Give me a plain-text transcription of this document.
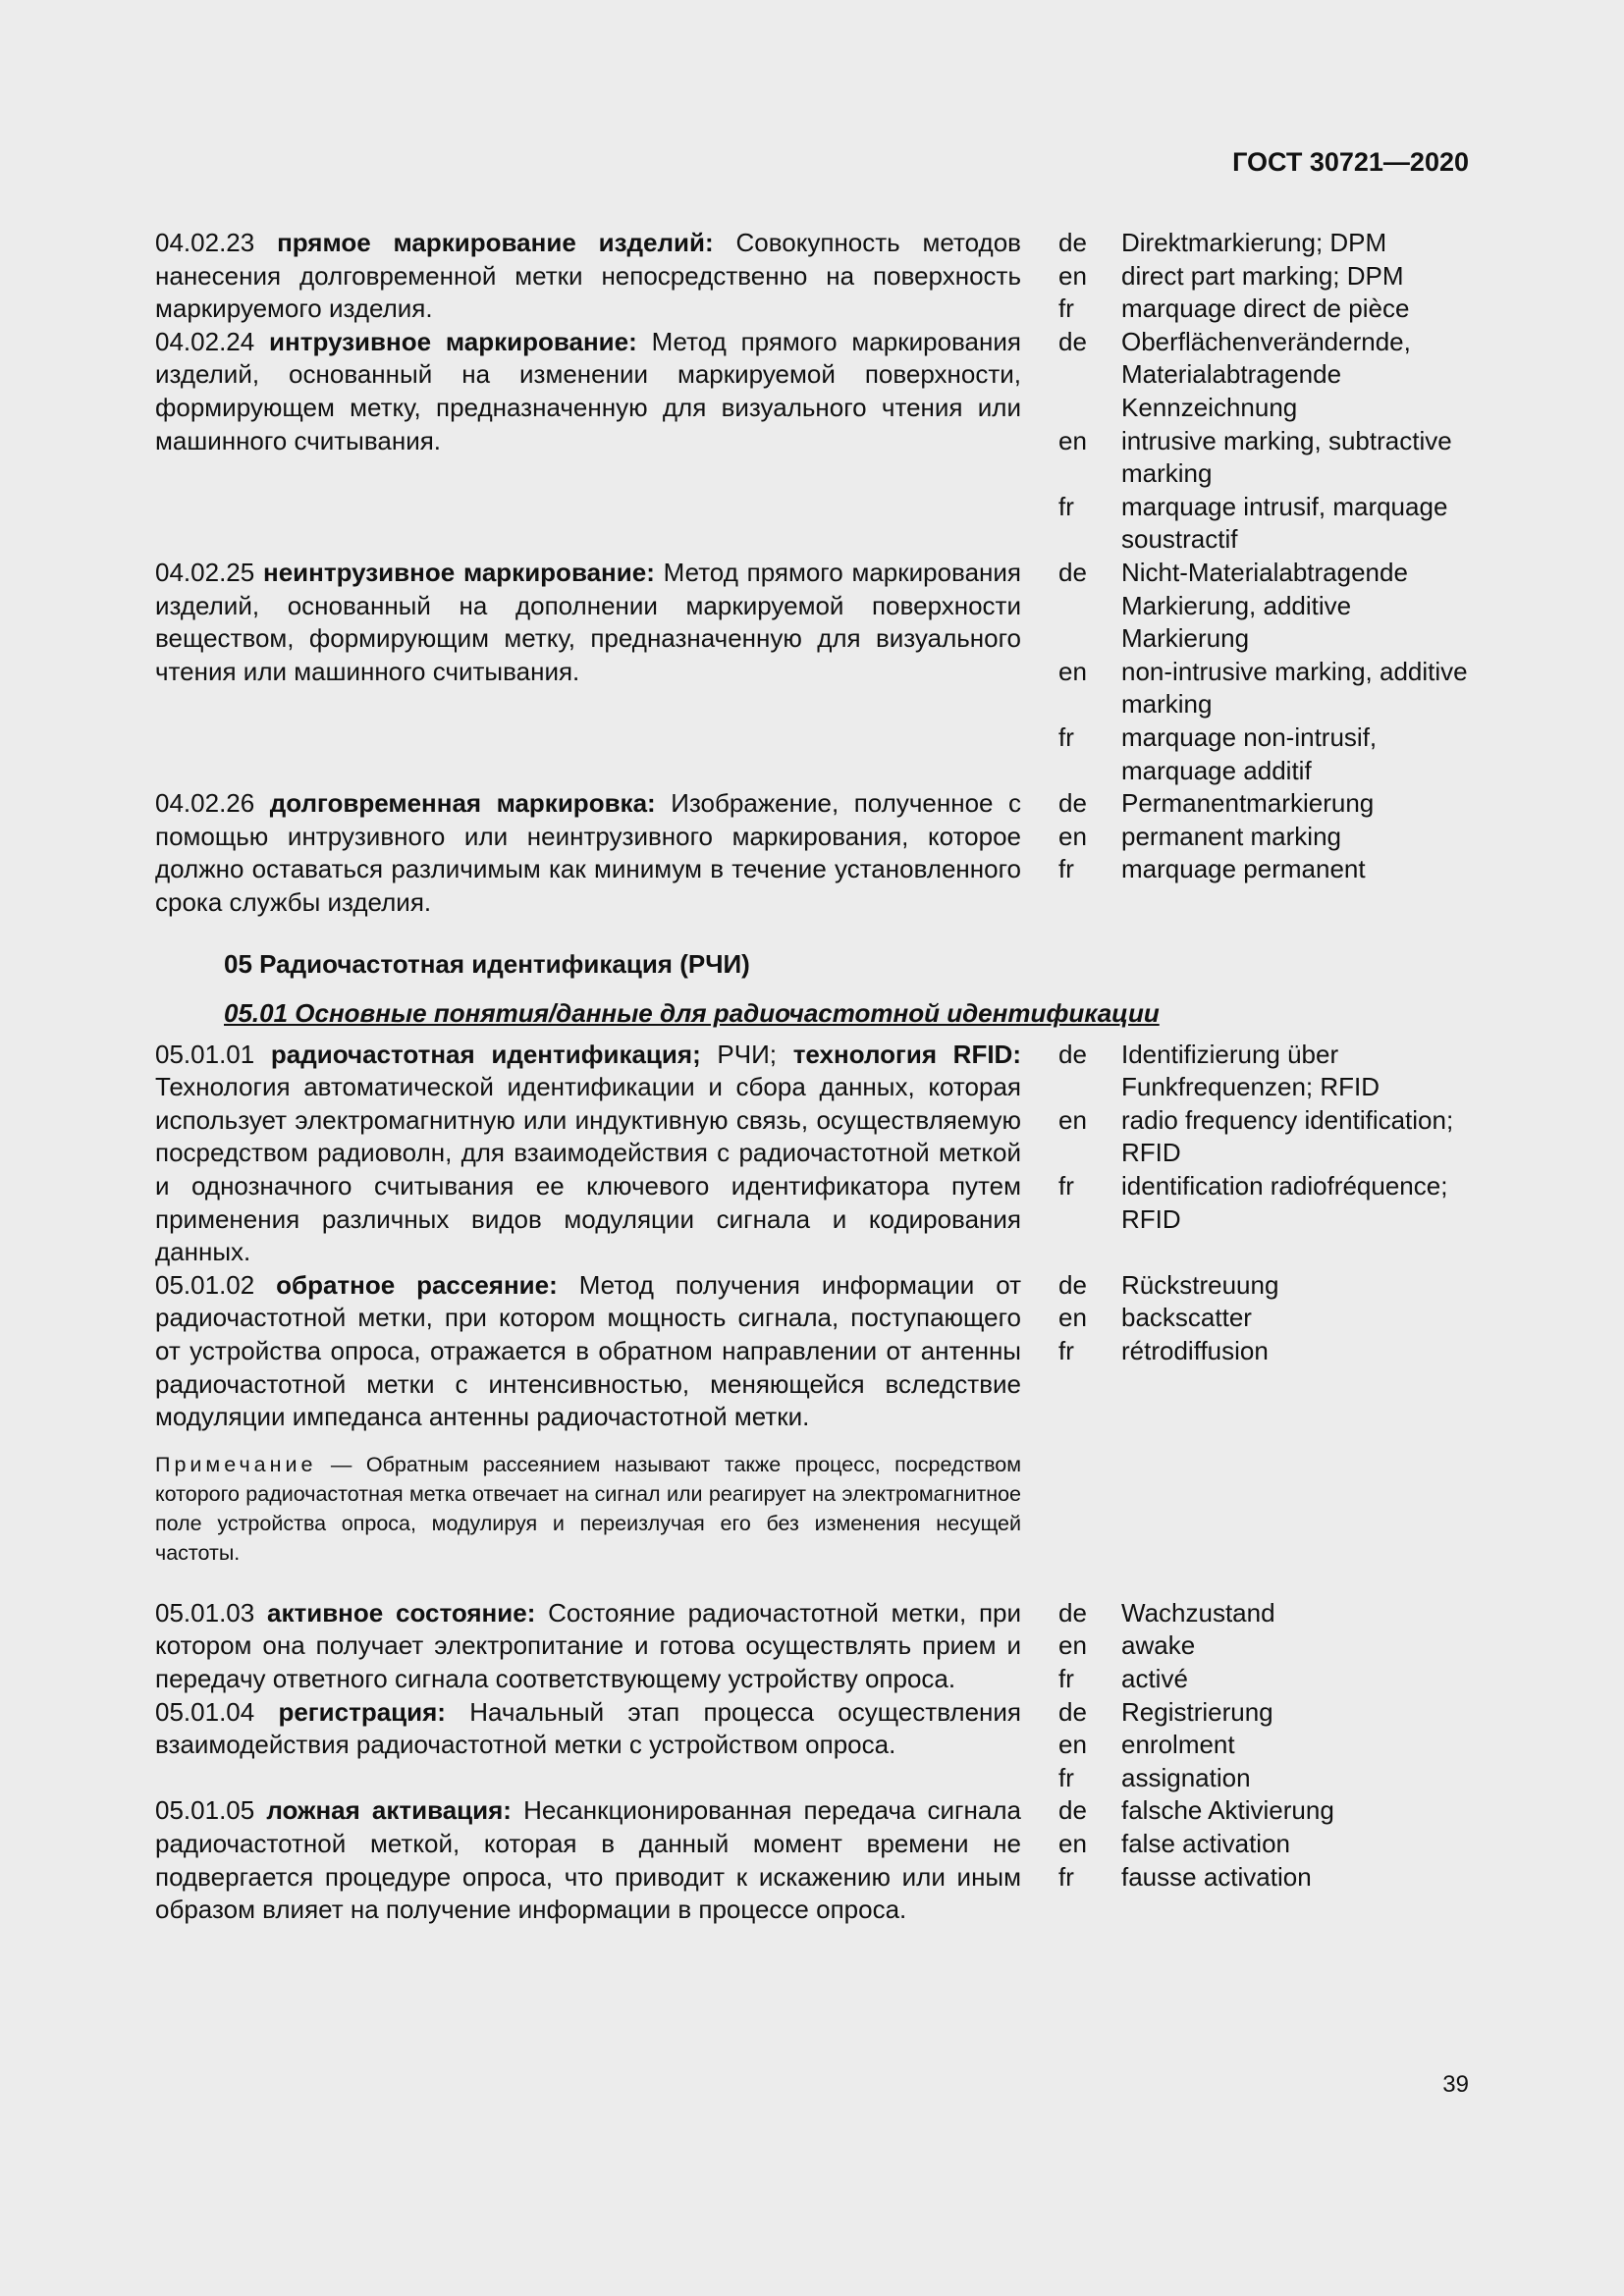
ГОСТ 30721—2020
04.02.23 прямое маркирование изделий: Совокупность методов нанесения долговременной метки непосредственно на поверхность маркируемого изделия.
de	Direktmarkierung; DPM
en	direct part marking; DPM
fr	marquage direct de pièce
04.02.24 интрузивное маркирование: Метод прямого маркирования изделий, основанный на изменении маркируемой поверхности, формирующем метку, предназначенную для визуального чтения или машинного считывания.
de	Oberflächenverändernde, Materialabtragende Kennzeichnung
en	intrusive marking, subtractive marking
fr	marquage intrusif, marquage soustractif
04.02.25 неинтрузивное маркирование: Метод прямого маркирования изделий, основанный на дополнении маркируемой поверхности веществом, формирующим метку, предназначенную для визуального чтения или машинного считывания.
de	Nicht-Materialabtragende Markierung, additive Markierung
en	non-intrusive marking, additive marking
fr	marquage non-intrusif, marquage additif
04.02.26 долговременная маркировка: Изображение, полученное с помощью интрузивного или неинтрузивного маркирования, которое должно оставаться различимым как минимум в течение установленного срока службы изделия.
de	Permanentmarkierung
en	permanent marking
fr	marquage permanent
05 Радиочастотная идентификация (РЧИ)
05.01 Основные понятия/данные для радиочастотной идентификации
05.01.01 радиочастотная идентификация; РЧИ; технология RFID: Технология автоматической идентификации и сбора данных, которая использует электромагнитную или индуктивную связь, осуществляемую посредством радиоволн, для взаимодействия с радиочастотной меткой и однозначного считывания ее ключевого идентификатора путем применения различных видов модуляции сигнала и кодирования данных.
de	Identifizierung über Funkfrequenzen; RFID
en	radio frequency identification; RFID
fr	identification radiofréquence; RFID
05.01.02 обратное рассеяние: Метод получения информации от радиочастотной метки, при котором мощность сигнала, поступающего от устройства опроса, отражается в обратном направлении от антенны радиочастотной метки с интенсивностью, меняющейся вследствие модуляции импеданса антенны радиочастотной метки.
de	Rückstreuung
en	backscatter
fr	rétrodiffusion
Примечание — Обратным рассеянием называют также процесс, посредством которого радиочастотная метка отвечает на сигнал или реагирует на электромагнитное поле устройства опроса, модулируя и переизлучая его без изменения несущей частоты.
05.01.03 активное состояние: Состояние радиочастотной метки, при котором она получает электропитание и готова осуществлять прием и передачу ответного сигнала соответствующему устройству опроса.
de	Wachzustand
en	awake
fr	activé
05.01.04 регистрация: Начальный этап процесса осуществления взаимодействия радиочастотной метки с устройством опроса.
de	Registrierung
en	enrolment
fr	assignation
05.01.05 ложная активация: Несанкционированная передача сигнала радиочастотной меткой, которая в данный момент времени не подвергается процедуре опроса, что приводит к искажению или иным образом влияет на получение информации в процессе опроса.
de	falsche Aktivierung
en	false activation
fr	fausse activation
39
